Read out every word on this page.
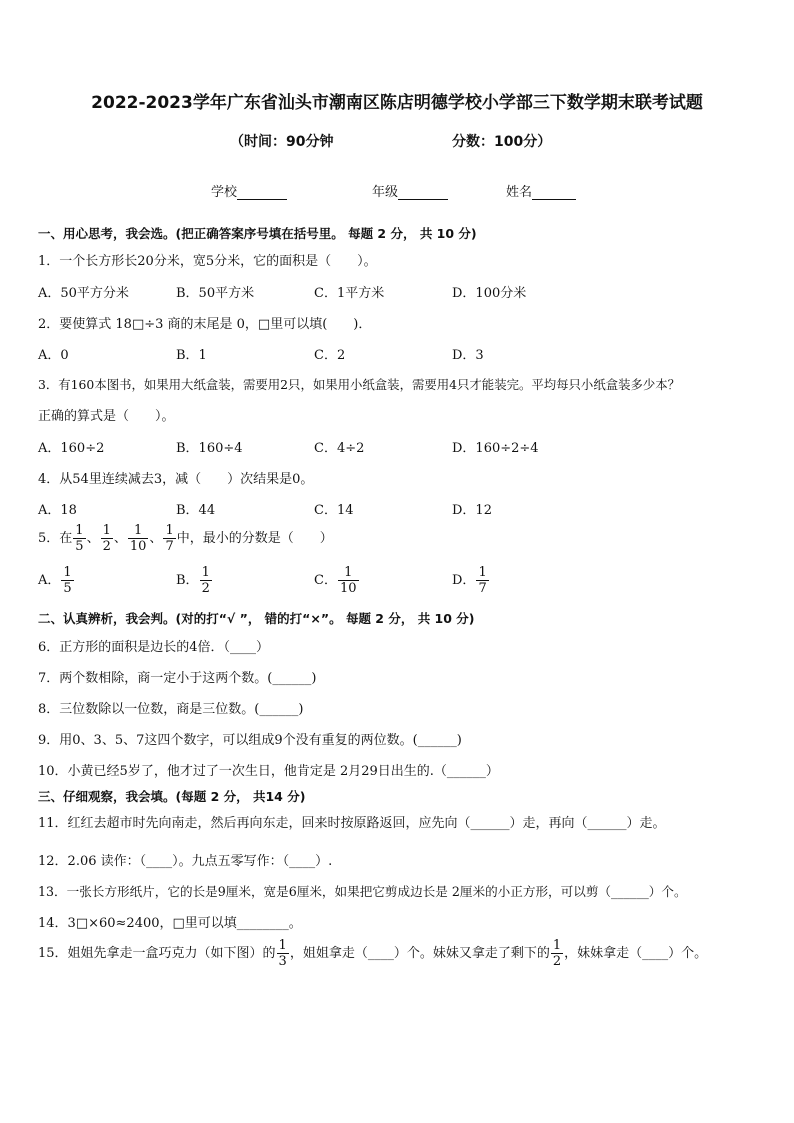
2022-2023学年广东省汕头市潮南区陈店明德学校小学部三下数学期末联考试题
（时间：90分钟	分数：100分）
学校	年级	姓名
一、用心思考，我会选。(把正确答案序号填在括号里。 每题 2 分， 共 10 分)
1．一个长方形长20分米，宽5分米，它的面积是（　　）。
A．50平方分米	B．50平方米	C．1平方米	D．100分米
2．要使算式 18□÷3 商的末尾是 0，□里可以填(　　)．
A．0	B．1	C．2	D．3
3．有160本图书，如果用大纸盒装，需要用2只，如果用小纸盒装，需要用4只才能装完。平均每只小纸盒装多少本？
正确的算式是（　　）。
A．160÷2	B．160÷4	C．4÷2	D．160÷2÷4
4．从54里连续减去3，减（　　）次结果是0。
A．18	B．44	C．14	D．12
5．在 $\frac{1}{5}$ 、 $\frac{1}{2}$ 、 $\frac{1}{10}$ 、 $\frac{1}{7}$ 中，最小的分数是（　　）
A． $\frac{1}{5}$	B． $\frac{1}{2}$	C． $\frac{1}{10}$	D． $\frac{1}{7}$
二、认真辨析，我会判。(对的打“√ ”， 错的打“×”。 每题 2 分， 共 10 分)
6．正方形的面积是边长的4倍．（____）
7．两个数相除，商一定小于这两个数。(______)
8．三位数除以一位数，商是三位数。(______)
9．用0、3、5、7这四个数字，可以组成9个没有重复的两位数。(______)
10．小黄已经5岁了，他才过了一次生日，他肯定是 2月29日出生的.（______）
三、仔细观察，我会填。(每题 2 分， 共14 分)
11．红红去超市时先向南走，然后再向东走，回来时按原路返回，应先向（______）走，再向（______）走。
12．2.06 读作：（____）。九点五零写作：（____）.
13．一张长方形纸片，它的长是9厘米，宽是6厘米，如果把它剪成边长是 2厘米的小正方形，可以剪（______）个。
14．3□×60≈2400，□里可以填________。
15．姐姐先拿走一盒巧克力（如下图）的 $\frac{1}{3}$ ，姐姐拿走（____）个。妹妹又拿走了剩下的 $\frac{1}{2}$ ，妹妹拿走（____）个。
